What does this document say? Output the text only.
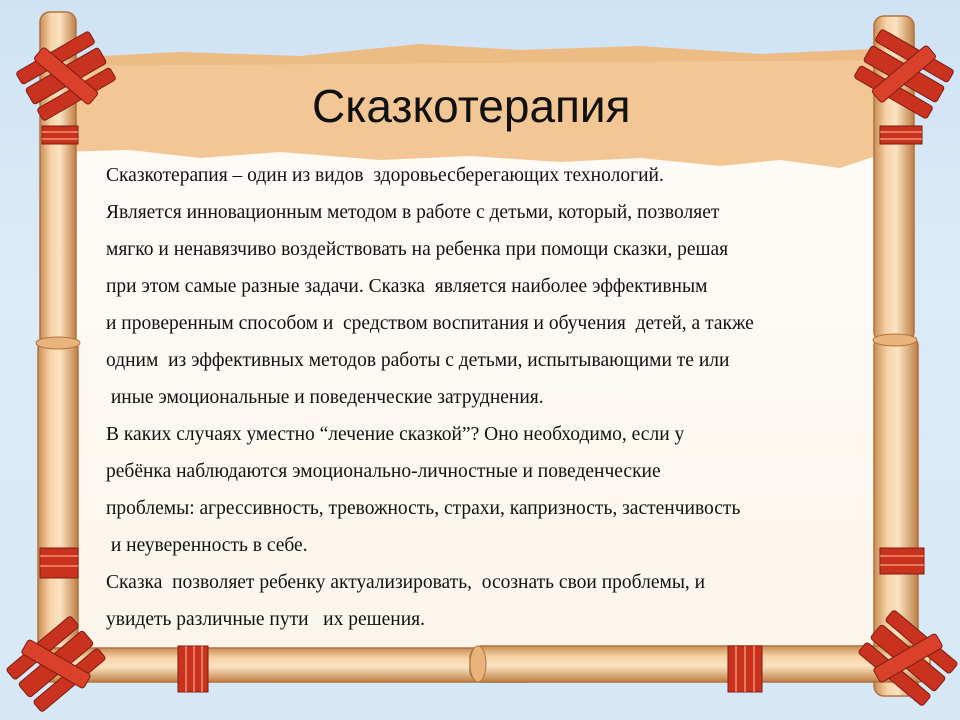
Сказкотерапия
Сказкотерапия – один из видов  здоровьесберегающих технологий.
Является инновационным методом в работе с детьми, который, позволяет
мягко и ненавязчиво воздействовать на ребенка при помощи сказки, решая
при этом самые разные задачи. Сказка  является наиболее эффективным
и проверенным способом и  средством воспитания и обучения  детей, а также
одним  из эффективных методов работы с детьми, испытывающими те или
иные эмоциональные и поведенческие затруднения.
В каких случаях уместно “лечение сказкой”? Оно необходимо, если у
ребёнка наблюдаются эмоционально-личностные и поведенческие
проблемы: агрессивность, тревожность, страхи, капризность, застенчивость
и неуверенность в себе.
Сказка  позволяет ребенку актуализировать,  осознать свои проблемы, и
увидеть различные пути   их решения.
